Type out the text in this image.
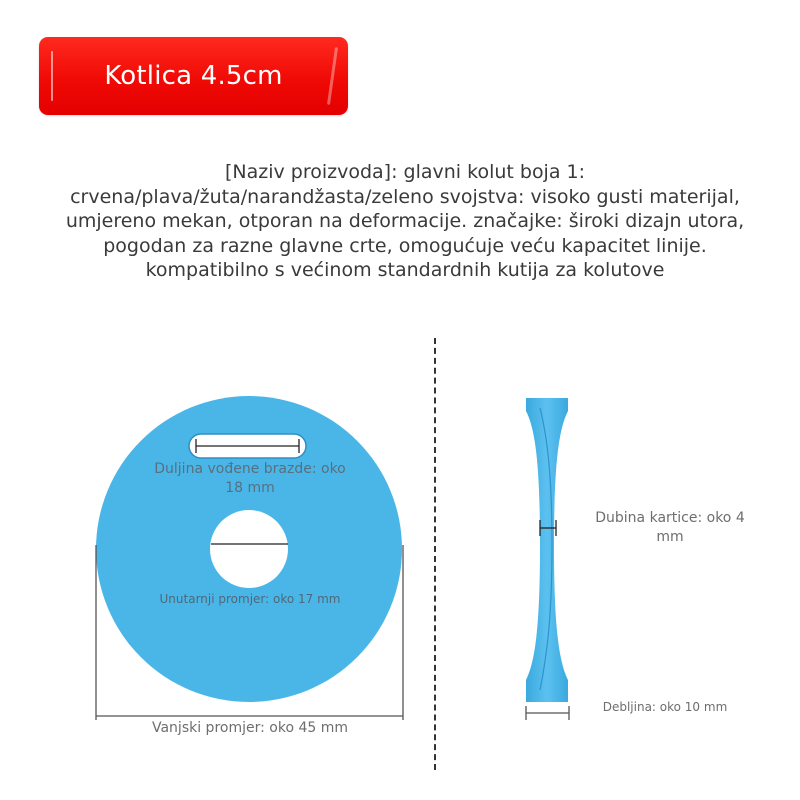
Kotlica 4.5cm
[Naziv proizvoda]: glavni kolut boja 1:
crvena/plava/žuta/narandžasta/zeleno svojstva: visoko gusti materijal,
umjereno mekan, otporan na deformacije. značajke: široki dizajn utora,
pogodan za razne glavne crte, omogućuje veću kapacitet linije.
kompatibilno s većinom standardnih kutija za kolutove
Duljina vođene brazde: oko
18 mm
Unutarnji promjer: oko 17 mm
Vanjski promjer: oko 45 mm
Dubina kartice: oko 4
mm
Debljina: oko 10 mm
